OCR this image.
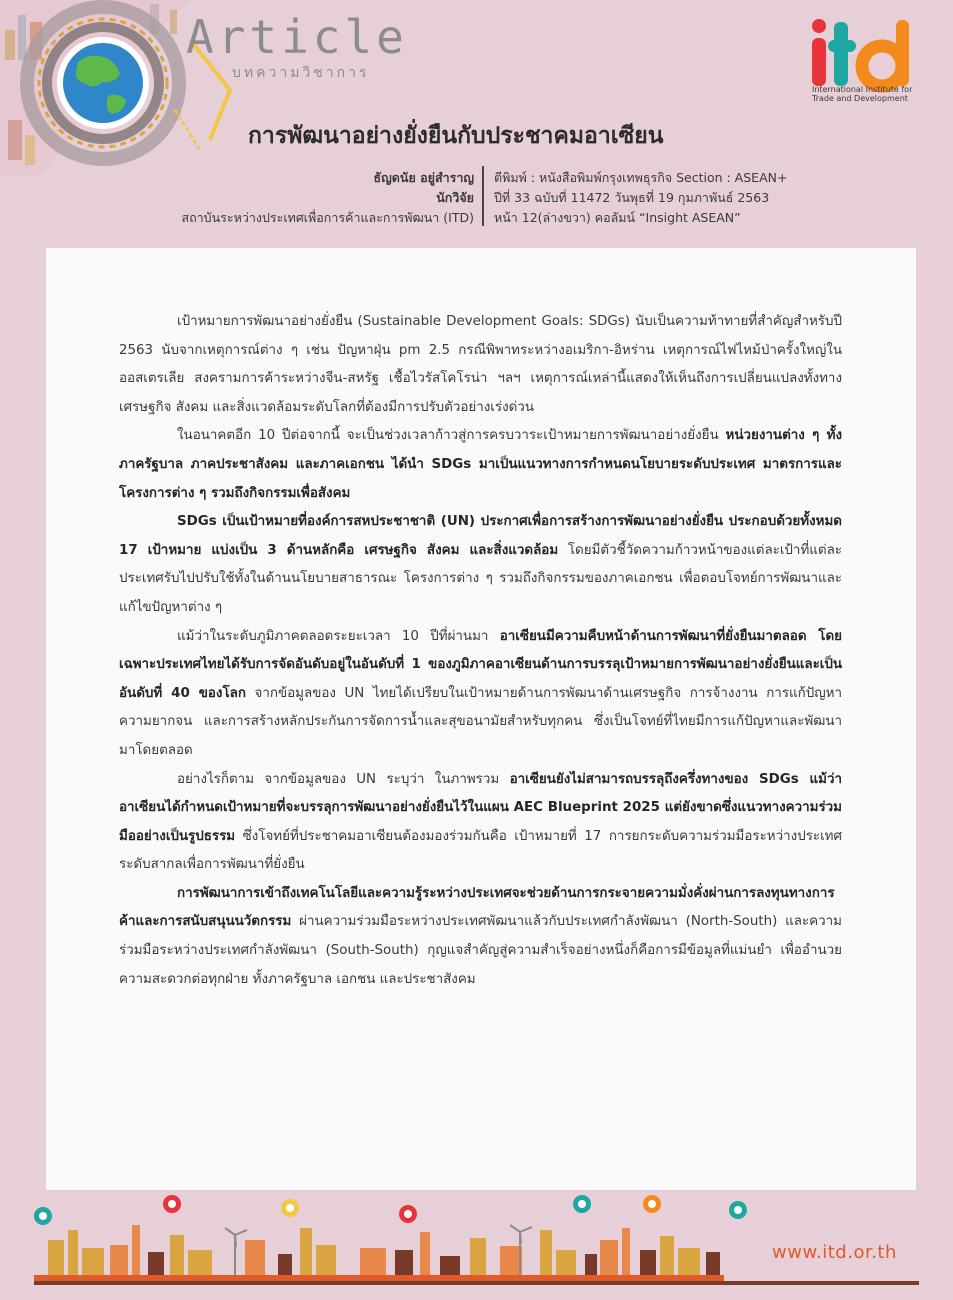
Article
บทความวิชาการ
International Institute for
Trade and Development
การพัฒนาอย่างยั่งยืนกับประชาคมอาเซียน
ธัญดนัย อยู่สำราญ
นักวิจัย
สถาบันระหว่างประเทศเพื่อการค้าและการพัฒนา (ITD)
ตีพิมพ์ : หนังสือพิมพ์กรุงเทพธุรกิจ Section : ASEAN+
ปีที่ 33 ฉบับที่ 11472 วันพุธที่ 19 กุมภาพันธ์ 2563
หน้า 12(ล่างขวา) คอลัมน์ “Insight ASEAN”

เป้าหมายการพัฒนาอย่างยั่งยืน (Sustainable Development Goals: SDGs) นับเป็นความท้าทายที่สำคัญสำหรับปี 2563 นับจากเหตุการณ์ต่าง ๆ เช่น ปัญหาฝุ่น pm 2.5 กรณีพิพาทระหว่างอเมริกา-อิหร่าน เหตุการณ์ไฟไหม้ป่าครั้งใหญ่ในออสเตรเลีย สงครามการค้าระหว่างจีน-สหรัฐ เชื้อไวรัสโคโรน่า ฯลฯ เหตุการณ์เหล่านี้แสดงให้เห็นถึงการเปลี่ยนแปลงทั้งทางเศรษฐกิจ สังคม และสิ่งแวดล้อมระดับโลกที่ต้องมีการปรับตัวอย่างเร่งด่วน

ในอนาคตอีก 10 ปีต่อจากนี้ จะเป็นช่วงเวลาก้าวสู่การครบวาระเป้าหมายการพัฒนาอย่างยั่งยืน หน่วยงานต่าง ๆ ทั้งภาครัฐบาล ภาคประชาสังคม และภาคเอกชน ได้นำ SDGs มาเป็นแนวทางการกำหนดนโยบายระดับประเทศ มาตรการและโครงการต่าง ๆ รวมถึงกิจกรรมเพื่อสังคม

SDGs เป็นเป้าหมายที่องค์การสหประชาชาติ (UN) ประกาศเพื่อการสร้างการพัฒนาอย่างยั่งยืน ประกอบด้วยทั้งหมด 17 เป้าหมาย แบ่งเป็น 3 ด้านหลักคือ เศรษฐกิจ สังคม และสิ่งแวดล้อม โดยมีตัวชี้วัดความก้าวหน้าของแต่ละเป้าที่แต่ละประเทศรับไปปรับใช้ทั้งในด้านนโยบายสาธารณะ โครงการต่าง ๆ รวมถึงกิจกรรมของภาคเอกชน เพื่อตอบโจทย์การพัฒนาและแก้ไขปัญหาต่าง ๆ

แม้ว่าในระดับภูมิภาคตลอดระยะเวลา 10 ปีที่ผ่านมา อาเซียนมีความคืบหน้าด้านการพัฒนาที่ยั่งยืนมาตลอด โดยเฉพาะประเทศไทยได้รับการจัดอันดับอยู่ในอันดับที่ 1 ของภูมิภาคอาเซียนด้านการบรรลุเป้าหมายการพัฒนาอย่างยั่งยืนและเป็นอันดับที่ 40 ของโลก จากข้อมูลของ UN ไทยได้เปรียบในเป้าหมายด้านการพัฒนาด้านเศรษฐกิจ การจ้างงาน การแก้ปัญหาความยากจน และการสร้างหลักประกันการจัดการน้ำและสุขอนามัยสำหรับทุกคน ซึ่งเป็นโจทย์ที่ไทยมีการแก้ปัญหาและพัฒนามาโดยตลอด

อย่างไรก็ตาม จากข้อมูลของ UN ระบุว่า ในภาพรวม อาเซียนยังไม่สามารถบรรลุถึงครึ่งทางของ SDGs แม้ว่าอาเซียนได้กำหนดเป้าหมายที่จะบรรลุการพัฒนาอย่างยั่งยืนไว้ในแผน AEC Blueprint 2025 แต่ยังขาดซึ่งแนวทางความร่วมมืออย่างเป็นรูปธรรม ซึ่งโจทย์ที่ประชาคมอาเซียนต้องมองร่วมกันคือ เป้าหมายที่ 17 การยกระดับความร่วมมือระหว่างประเทศระดับสากลเพื่อการพัฒนาที่ยั่งยืน

การพัฒนาการเข้าถึงเทคโนโลยีและความรู้ระหว่างประเทศจะช่วยด้านการกระจายความมั่งคั่งผ่านการลงทุนทางการค้าและการสนับสนุนนวัตกรรม ผ่านความร่วมมือระหว่างประเทศพัฒนาแล้วกับประเทศกำลังพัฒนา (North-South) และความร่วมมือระหว่างประเทศกำลังพัฒนา (South-South) กุญแจสำคัญสู่ความสำเร็จอย่างหนึ่งก็คือการมีข้อมูลที่แม่นยำ เพื่ออำนวยความสะดวกต่อทุกฝ่าย ทั้งภาครัฐบาล เอกชน และประชาสังคม

www.itd.or.th
